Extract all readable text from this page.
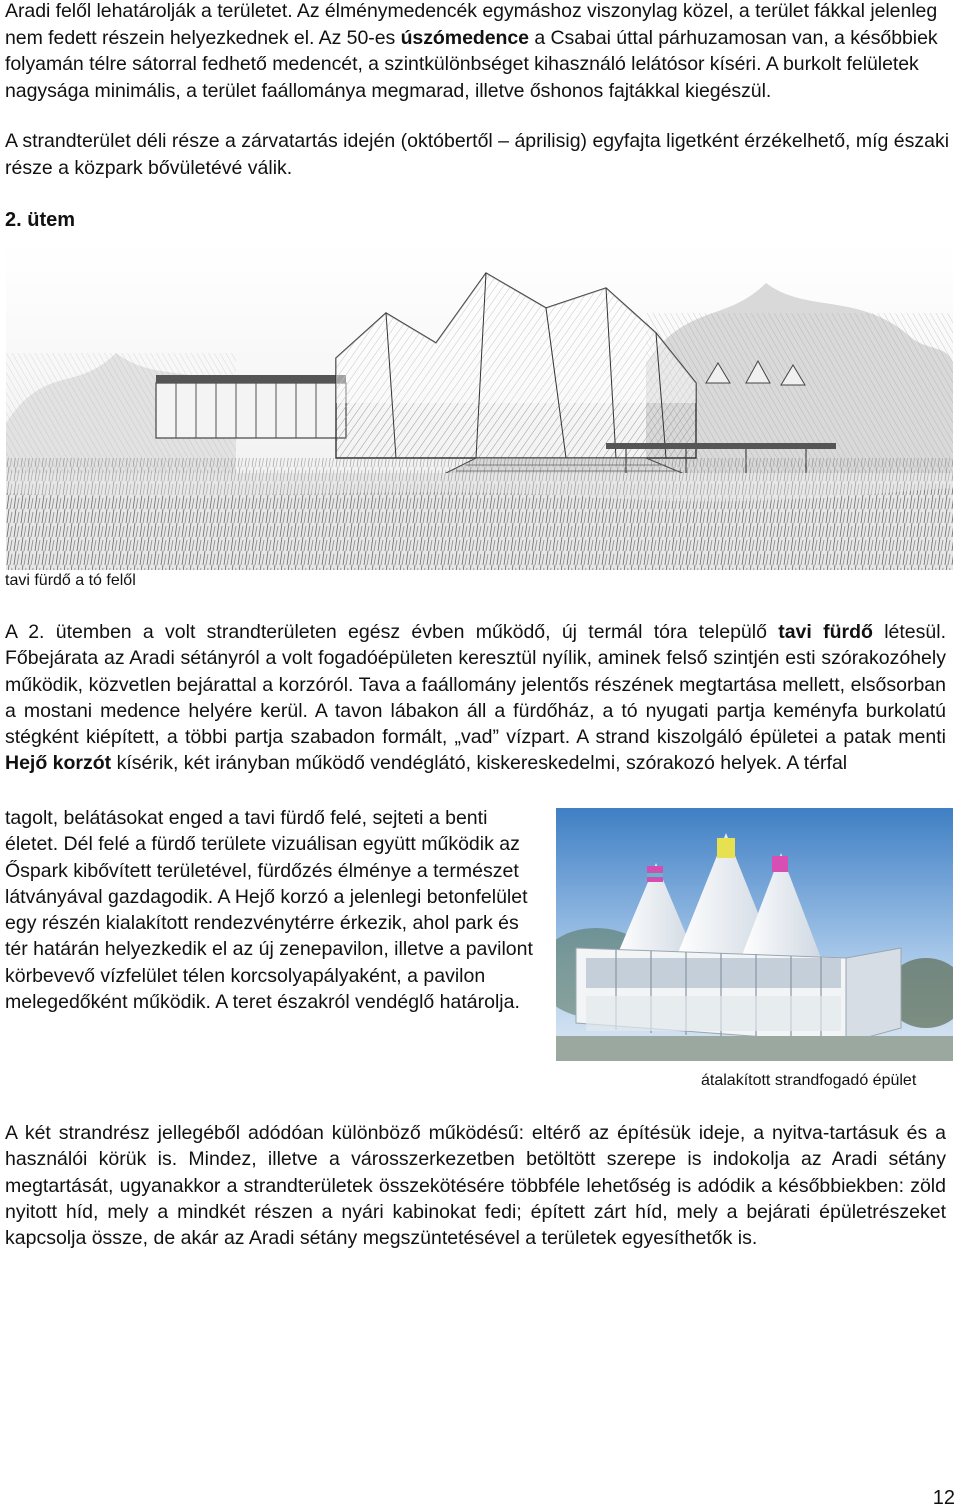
Aradi felől lehatárolják a területet. Az élménymedencék egymáshoz viszonylag közel, a terület fákkal jelenleg nem fedett részein helyezkednek el. Az 50-es úszómedence a Csabai úttal párhuzamosan van, a későbbiek folyamán télre sátorral fedhető medencét, a szintkülönbséget kihasználó lelátósor kíséri. A burkolt felületek nagysága minimális, a terület faállománya megmarad, illetve őshonos fajtákkal kiegészül.

A strandterület déli része a zárvatartás idején (októbertől – áprilisig) egyfajta ligetként érzékelhető, míg északi része a közpark bővületévé válik.

2. ütem

tavi fürdő a tó felől

A 2. ütemben a volt strandterületen egész évben működő, új termál tóra települő tavi fürdő létesül. Főbejárata az Aradi sétányról a volt fogadóépületen keresztül nyílik, aminek felső szintjén esti szórakozóhely működik, közvetlen bejárattal a korzóról. Tava a faállomány jelentős részének megtartása mellett, elsősorban a mostani medence helyére kerül. A tavon lábakon áll a fürdőház, a tó nyugati partja keményfa burkolatú stégként kiépített, a többi partja szabadon formált, „vad” vízpart. A strand kiszolgáló épületei a patak menti Hejő korzót kísérik, két irányban működő vendéglátó, kiskereskedelmi, szórakozó helyek. A térfal

tagolt, belátásokat enged a tavi fürdő felé, sejteti a benti életet. Dél felé a fürdő területe vizuálisan együtt működik az Őspark kibővített területével, fürdőzés élménye a természet látványával gazdagodik. A Hejő korzó a jelenlegi betonfelület egy részén kialakított rendezvénytérre érkezik, ahol park és tér határán helyezkedik el az új zenepavilon, illetve a pavilont körbevevő vízfelület télen korcsolyapályaként, a pavilon melegedőként működik. A teret északról vendéglő határolja.

átalakított strandfogadó épület

A két strandrész jellegéből adódóan különböző működésű: eltérő az építésük ideje, a nyitva-tartásuk és a használói körük is. Mindez, illetve a városszerkezetben betöltött szerepe is indokolja az Aradi sétány megtartását, ugyanakkor a strandterületek összekötésére többféle lehetőség is adódik a későbbiekben: zöld nyitott híd, mely a mindkét részen a nyári kabinokat fedi; épített zárt híd, mely a bejárati épületrészeket kapcsolja össze, de akár az Aradi sétány megszüntetésével a területek egyesíthetők is.

12
